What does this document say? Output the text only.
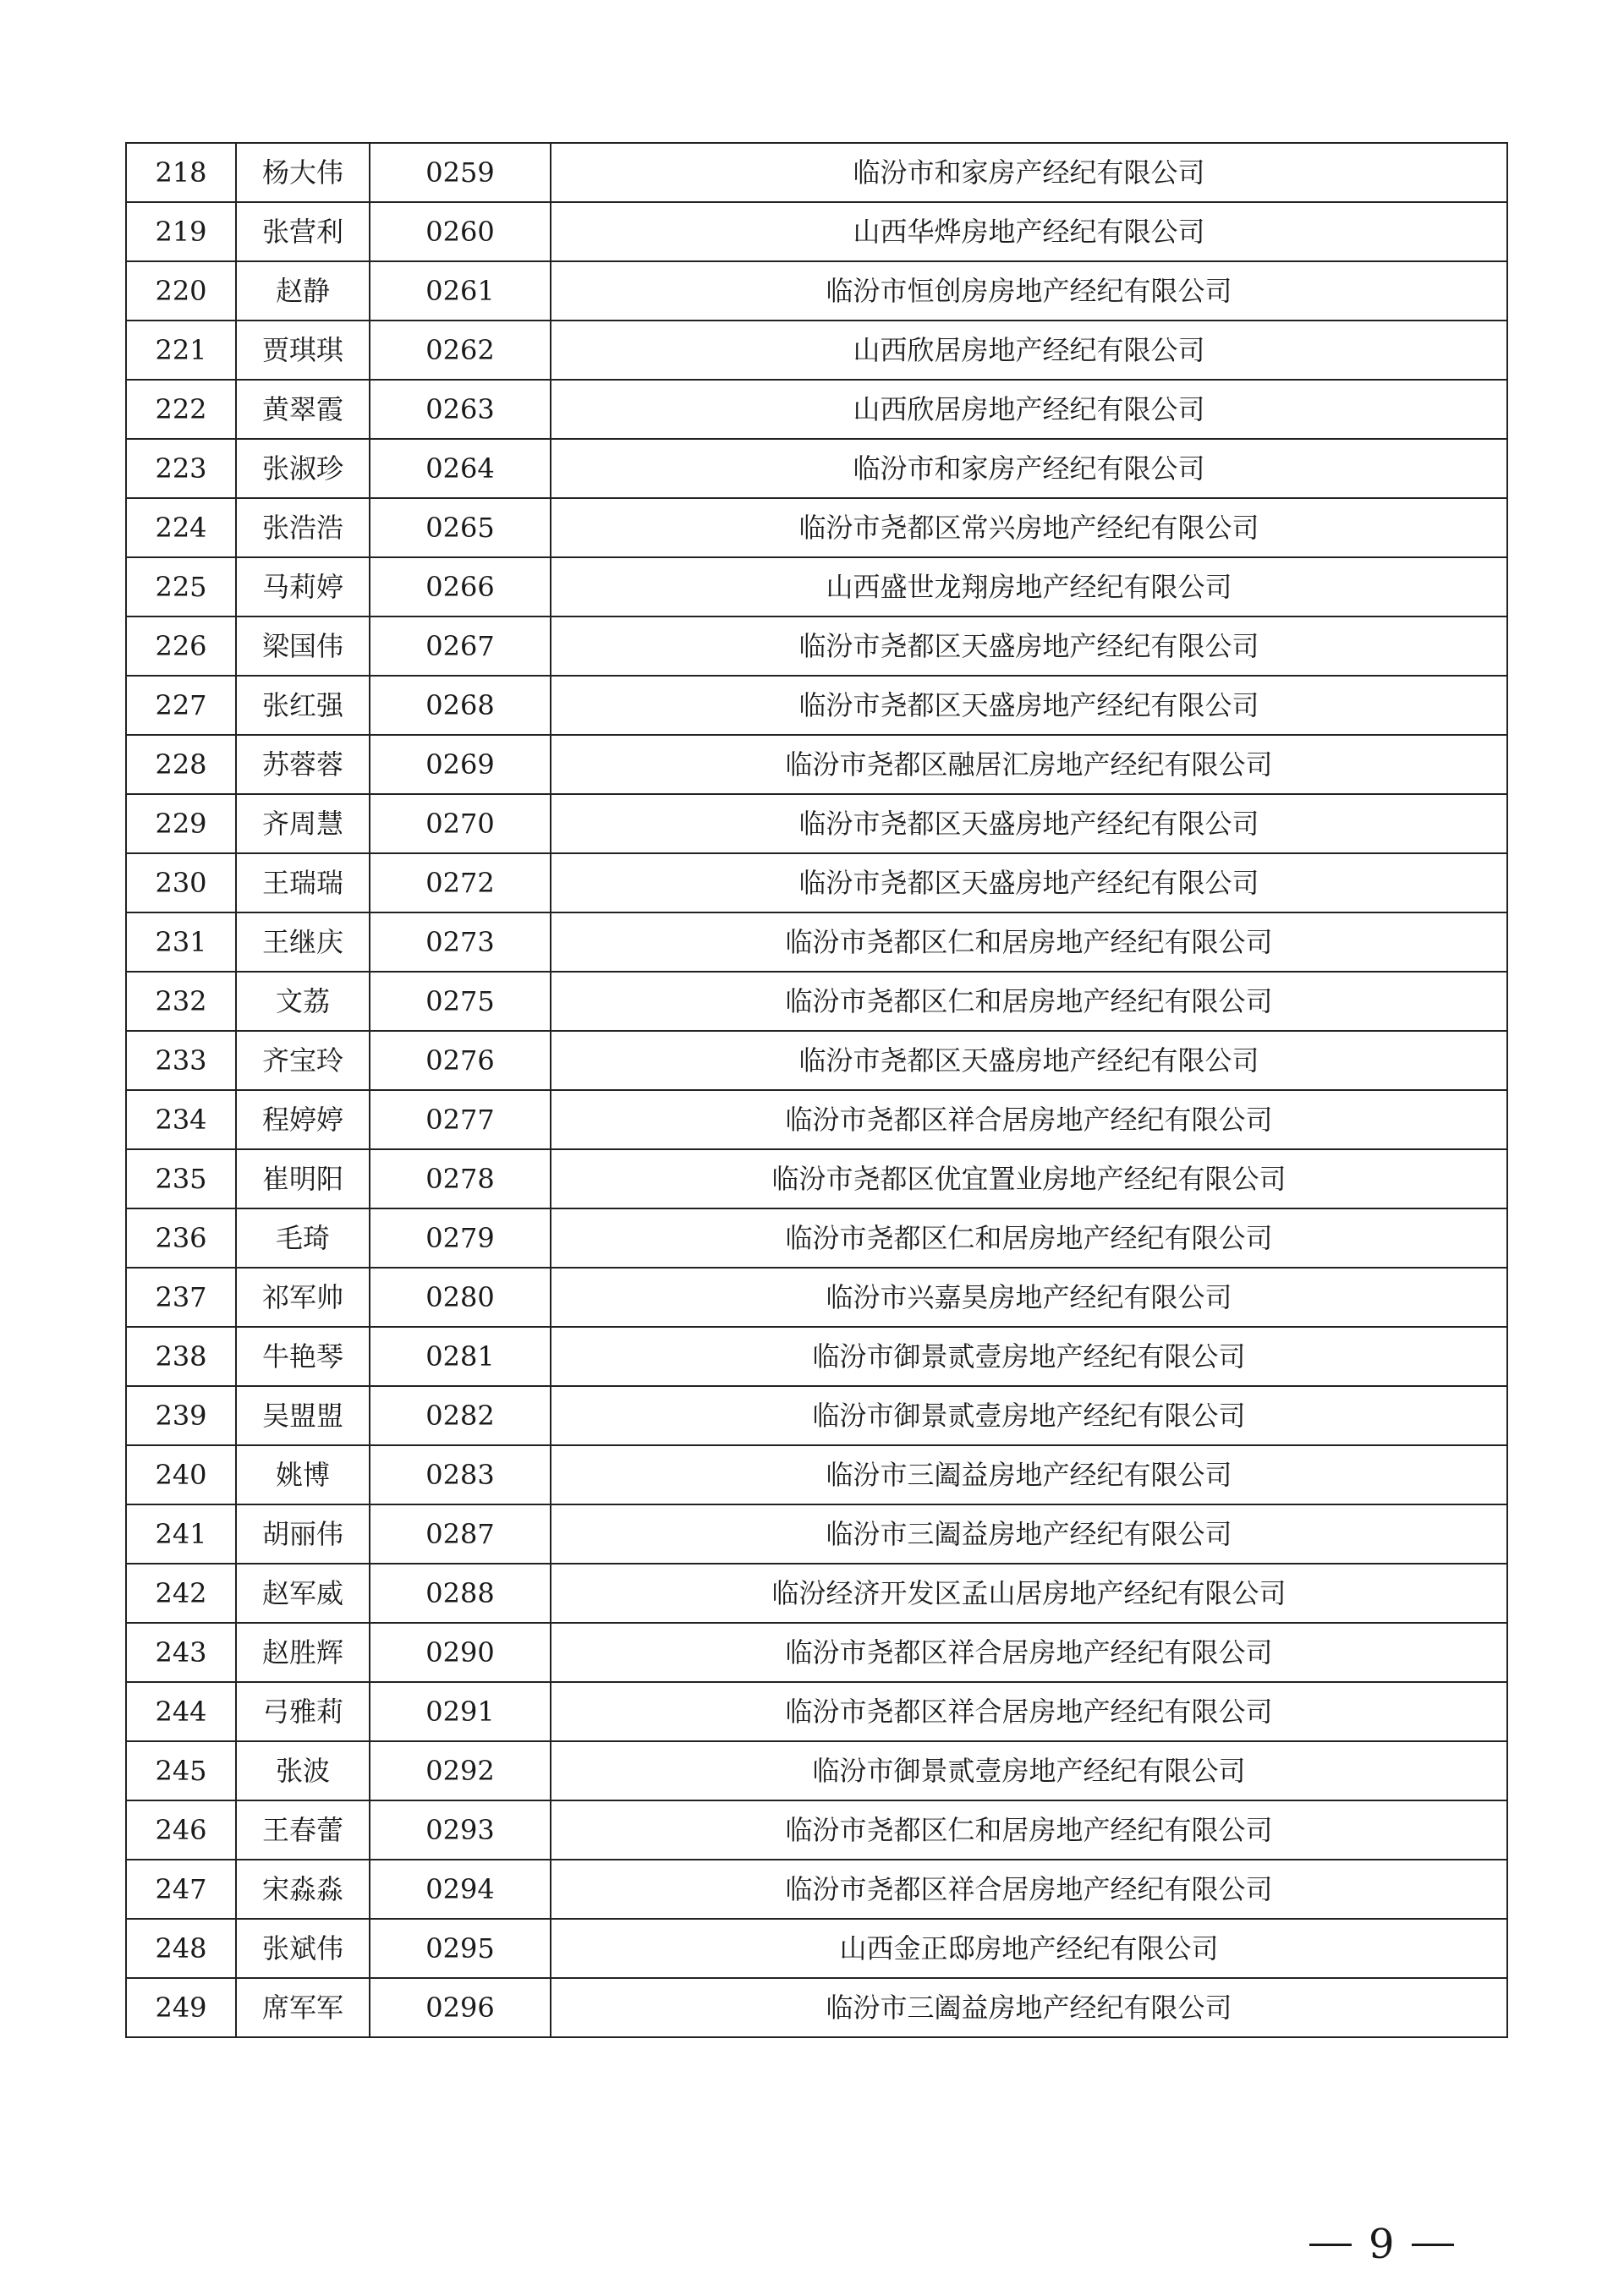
218	杨大伟	0259	临汾市和家房产经纪有限公司
219	张营利	0260	山西华烨房地产经纪有限公司
220	赵静	0261	临汾市恒创房房地产经纪有限公司
221	贾琪琪	0262	山西欣居房地产经纪有限公司
222	黄翠霞	0263	山西欣居房地产经纪有限公司
223	张淑珍	0264	临汾市和家房产经纪有限公司
224	张浩浩	0265	临汾市尧都区常兴房地产经纪有限公司
225	马莉婷	0266	山西盛世龙翔房地产经纪有限公司
226	梁国伟	0267	临汾市尧都区天盛房地产经纪有限公司
227	张红强	0268	临汾市尧都区天盛房地产经纪有限公司
228	苏蓉蓉	0269	临汾市尧都区融居汇房地产经纪有限公司
229	齐周慧	0270	临汾市尧都区天盛房地产经纪有限公司
230	王瑞瑞	0272	临汾市尧都区天盛房地产经纪有限公司
231	王继庆	0273	临汾市尧都区仁和居房地产经纪有限公司
232	文荔	0275	临汾市尧都区仁和居房地产经纪有限公司
233	齐宝玲	0276	临汾市尧都区天盛房地产经纪有限公司
234	程婷婷	0277	临汾市尧都区祥合居房地产经纪有限公司
235	崔明阳	0278	临汾市尧都区优宜置业房地产经纪有限公司
236	毛琦	0279	临汾市尧都区仁和居房地产经纪有限公司
237	祁军帅	0280	临汾市兴嘉昊房地产经纪有限公司
238	牛艳琴	0281	临汾市御景贰壹房地产经纪有限公司
239	吴盟盟	0282	临汾市御景贰壹房地产经纪有限公司
240	姚博	0283	临汾市三阖益房地产经纪有限公司
241	胡丽伟	0287	临汾市三阖益房地产经纪有限公司
242	赵军威	0288	临汾经济开发区孟山居房地产经纪有限公司
243	赵胜辉	0290	临汾市尧都区祥合居房地产经纪有限公司
244	弓雅莉	0291	临汾市尧都区祥合居房地产经纪有限公司
245	张波	0292	临汾市御景贰壹房地产经纪有限公司
246	王春蕾	0293	临汾市尧都区仁和居房地产经纪有限公司
247	宋淼淼	0294	临汾市尧都区祥合居房地产经纪有限公司
248	张斌伟	0295	山西金正邸房地产经纪有限公司
249	席军军	0296	临汾市三阖益房地产经纪有限公司
9
